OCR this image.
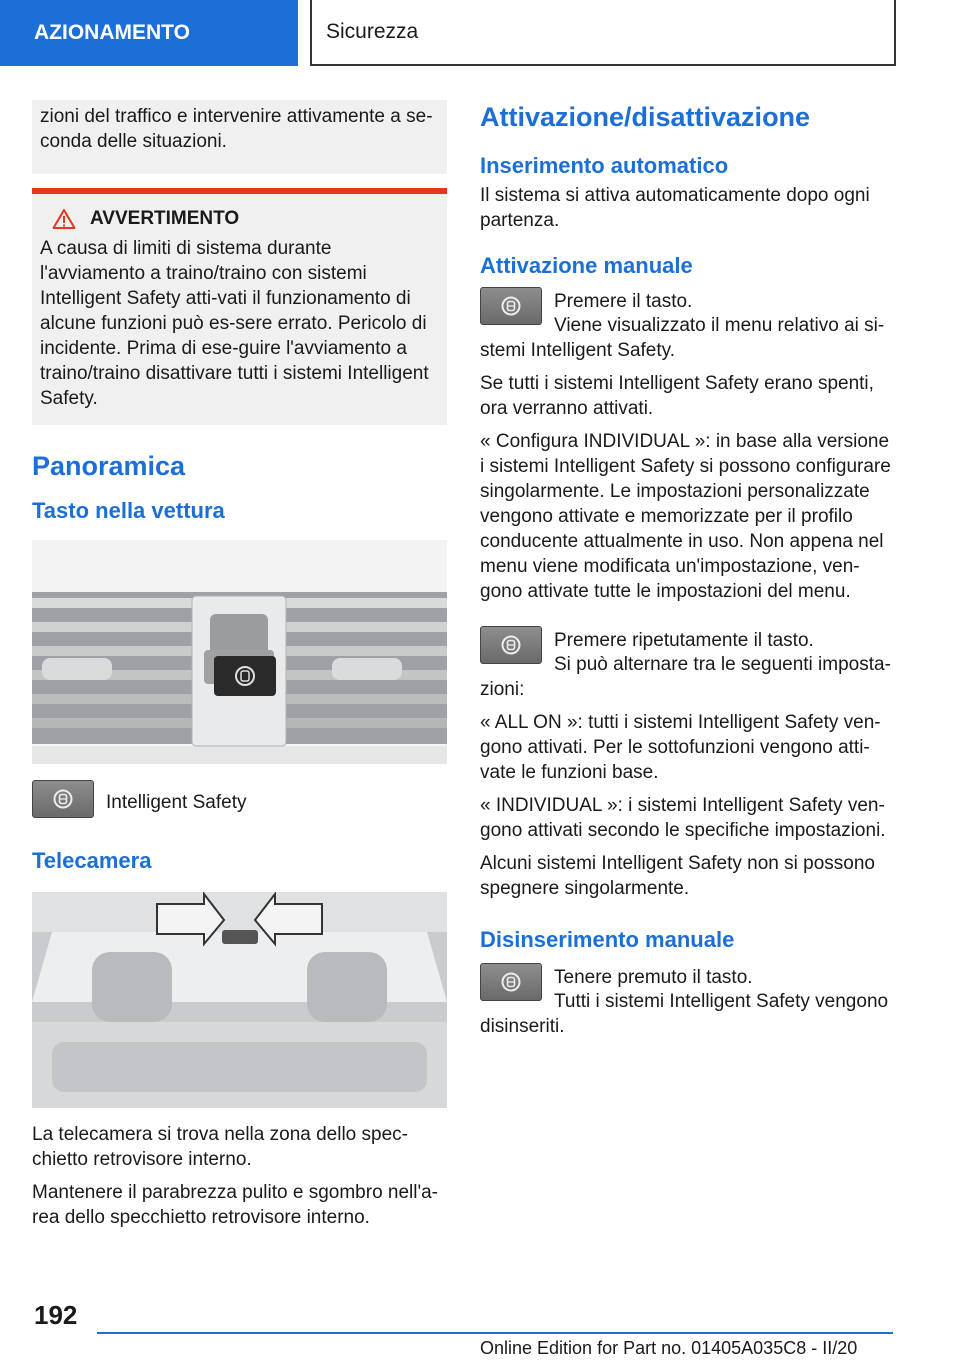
AZIONAMENTO	Sicurezza

zioni del traffico e intervenire attivamente a se-conda delle situazioni.

AVVERTIMENTO

A causa di limiti di sistema durante l'avviamento a traino/traino con sistemi Intelligent Safety atti-vati il funzionamento di alcune funzioni può es-sere errato. Pericolo di incidente. Prima di ese-guire l'avviamento a traino/traino disattivare tutti i sistemi Intelligent Safety.

Panoramica
Tasto nella vettura
Intelligent Safety
Telecamera

La telecamera si trova nella zona dello spec-chietto retrovisore interno.

Mantenere il parabrezza pulito e sgombro nell'a-rea dello specchietto retrovisore interno.

Attivazione/disattivazione
Inserimento automatico

Il sistema si attiva automaticamente dopo ogni partenza.

Attivazione manuale
Premere il tasto.

Viene visualizzato il menu relativo ai si-stemi Intelligent Safety.

Se tutti i sistemi Intelligent Safety erano spenti, ora verranno attivati.

« Configura INDIVIDUAL »: in base alla versione i sistemi Intelligent Safety si possono configurare singolarmente. Le impostazioni personalizzate vengono attivate e memorizzate per il profilo conducente attualmente in uso. Non appena nel menu viene modificata un'impostazione, ven-gono attivate tutte le impostazioni del menu.

Premere ripetutamente il tasto.

Si può alternare tra le seguenti imposta-zioni:

« ALL ON »: tutti i sistemi Intelligent Safety ven-gono attivati. Per le sottofunzioni vengono atti-vate le funzioni base.

« INDIVIDUAL »: i sistemi Intelligent Safety ven-gono attivati secondo le specifiche impostazioni.

Alcuni sistemi Intelligent Safety non si possono spegnere singolarmente.

Disinserimento manuale
Tenere premuto il tasto.

Tutti i sistemi Intelligent Safety vengono disinseriti.

192
Online Edition for Part no. 01405A035C8 - II/20
